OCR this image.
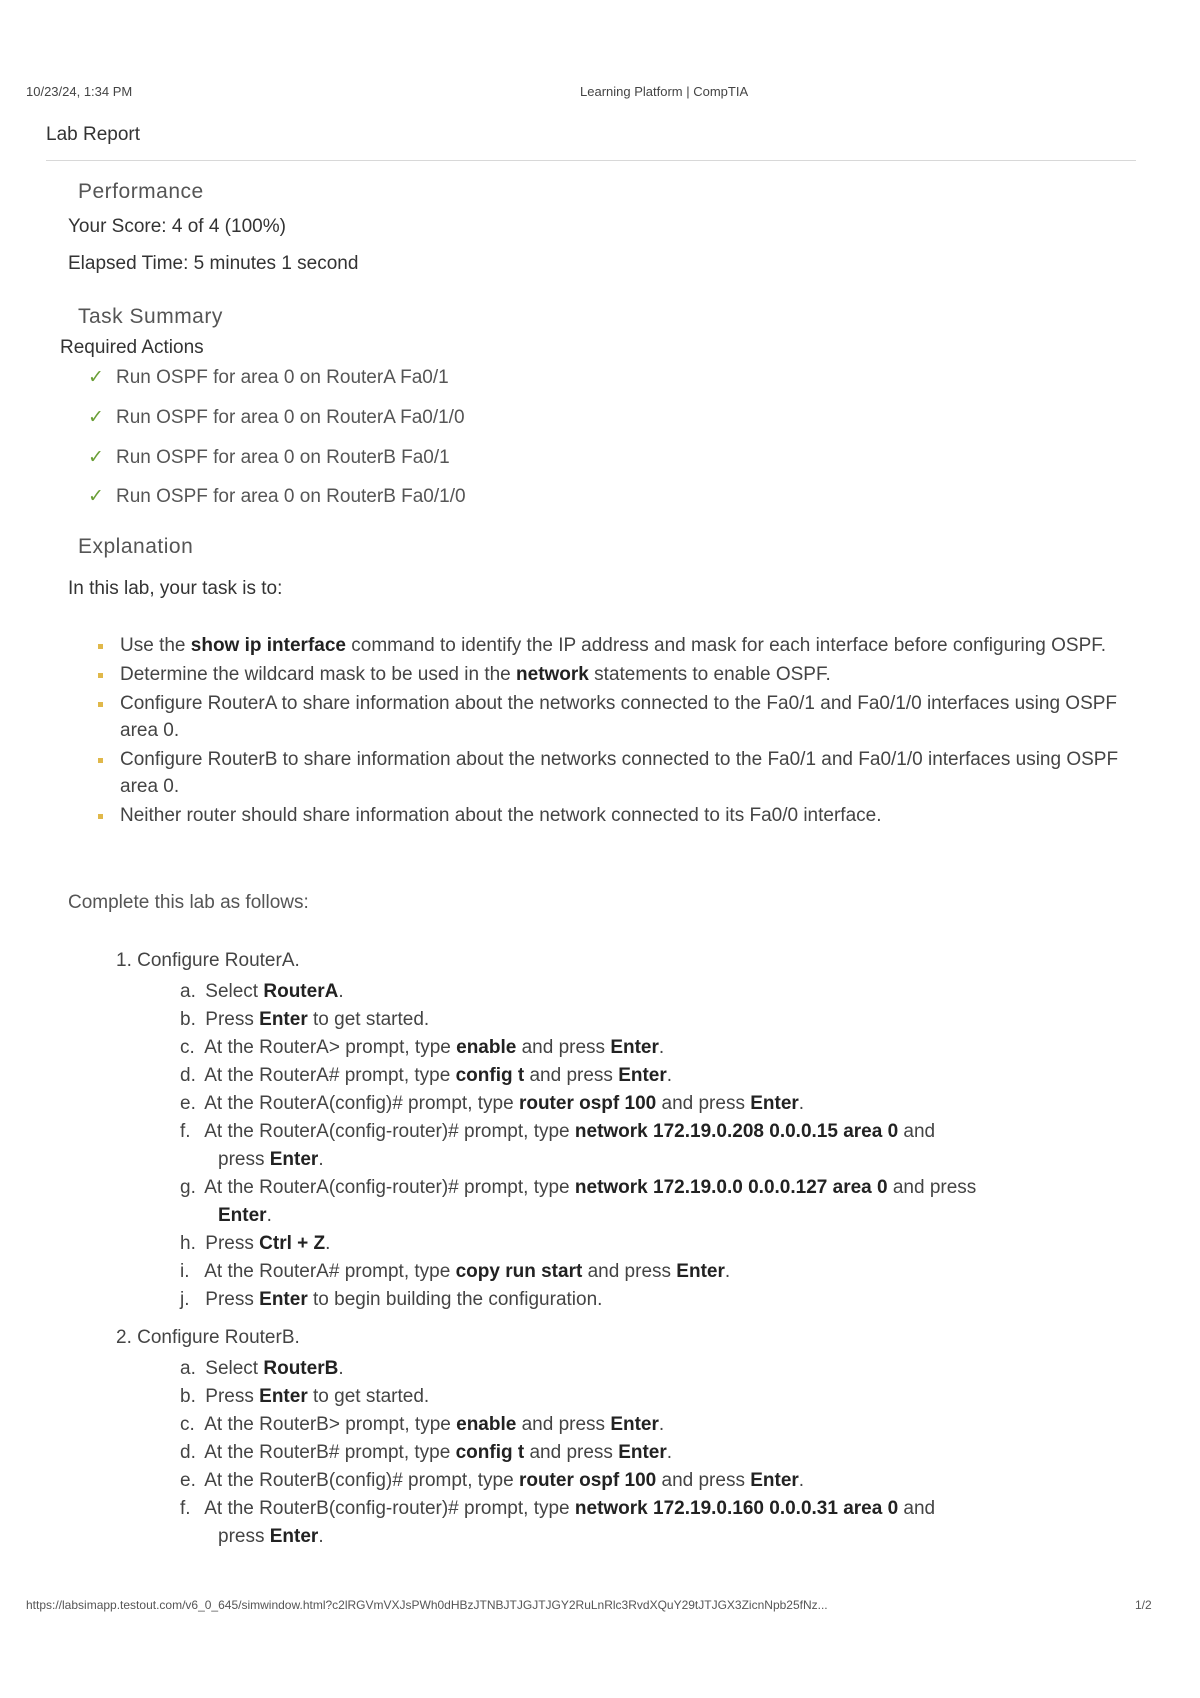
10/23/24, 1:34 PM	Learning Platform | CompTIA
Lab Report
Performance
Your Score: 4 of 4 (100%)
Elapsed Time: 5 minutes 1 second
Task Summary
Required Actions
✓ Run OSPF for area 0 on RouterA Fa0/1
✓ Run OSPF for area 0 on RouterA Fa0/1/0
✓ Run OSPF for area 0 on RouterB Fa0/1
✓ Run OSPF for area 0 on RouterB Fa0/1/0
Explanation
In this lab, your task is to:
Use the show ip interface command to identify the IP address and mask for each interface before configuring OSPF.
Determine the wildcard mask to be used in the network statements to enable OSPF.
Configure RouterA to share information about the networks connected to the Fa0/1 and Fa0/1/0 interfaces using OSPF area 0.
Configure RouterB to share information about the networks connected to the Fa0/1 and Fa0/1/0 interfaces using OSPF area 0.
Neither router should share information about the network connected to its Fa0/0 interface.
Complete this lab as follows:
1. Configure RouterA.
a. Select RouterA.
b. Press Enter to get started.
c. At the RouterA> prompt, type enable and press Enter.
d. At the RouterA# prompt, type config t and press Enter.
e. At the RouterA(config)# prompt, type router ospf 100 and press Enter.
f. At the RouterA(config-router)# prompt, type network 172.19.0.208 0.0.0.15 area 0 and
press Enter.
g. At the RouterA(config-router)# prompt, type network 172.19.0.0 0.0.0.127 area 0 and press
Enter.
h. Press Ctrl + Z.
i. At the RouterA# prompt, type copy run start and press Enter.
j. Press Enter to begin building the configuration.
2. Configure RouterB.
a. Select RouterB.
b. Press Enter to get started.
c. At the RouterB> prompt, type enable and press Enter.
d. At the RouterB# prompt, type config t and press Enter.
e. At the RouterB(config)# prompt, type router ospf 100 and press Enter.
f. At the RouterB(config-router)# prompt, type network 172.19.0.160 0.0.0.31 area 0 and
press Enter.
https://labsimapp.testout.com/v6_0_645/simwindow.html?c2lRGVmVXJsPWh0dHBzJTNBJTJGJTJGY2RuLnRlc3RvdXQuY29tJTJGX3ZicnNpb25fNz...	1/2
